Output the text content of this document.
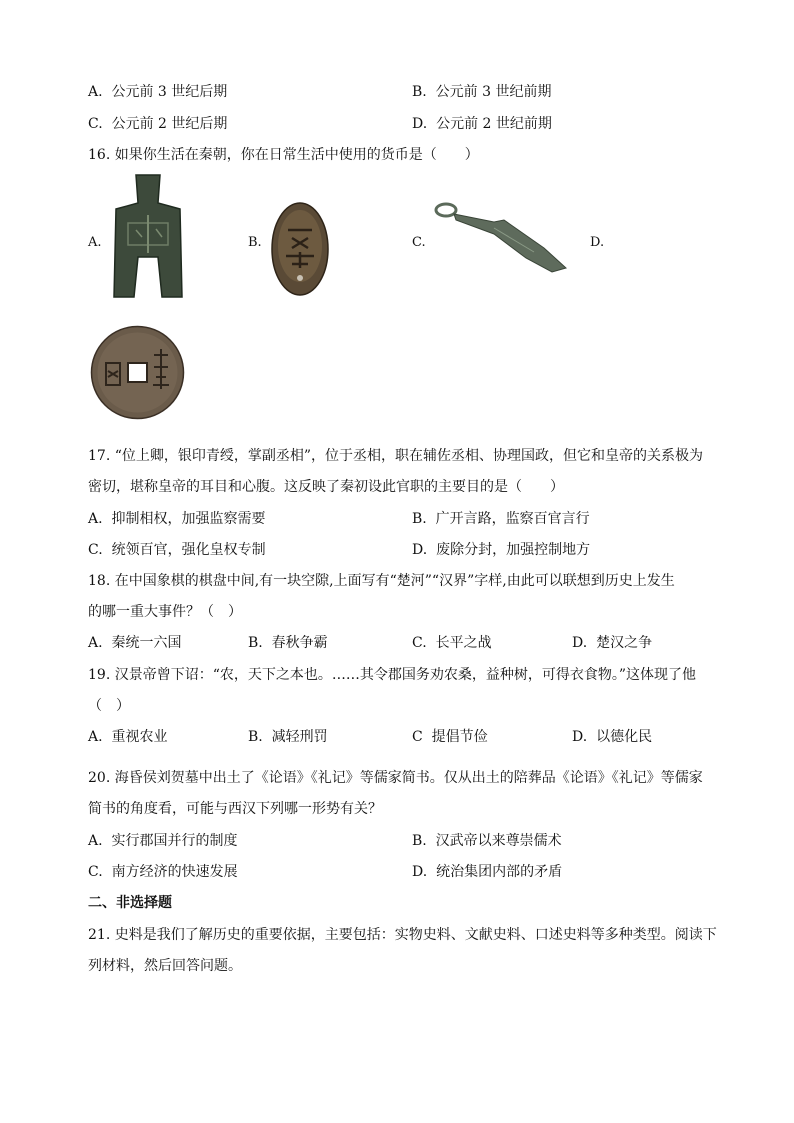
A. 公元前 3 世纪后期	B. 公元前 3 世纪前期
C. 公元前 2 世纪后期	D. 公元前 2 世纪前期
16. 如果你生活在秦朝，你在日常生活中使用的货币是（　　）
A.	B.	C.	D.
17. “位上卿，银印青绶，掌副丞相”，位于丞相，职在辅佐丞相、协理国政，但它和皇帝的关系极为
密切，堪称皇帝的耳目和心腹。这反映了秦初设此官职的主要目的是（　　）
A. 抑制相权，加强监察需要	B. 广开言路，监察百官言行
C. 统领百官，强化皇权专制	D. 废除分封，加强控制地方
18. 在中国象棋的棋盘中间,有一块空隙,上面写有“楚河”“汉界”字样,由此可以联想到历史上发生
的哪一重大事件？（　）
A. 秦统一六国	B. 春秋争霸	C. 长平之战	D. 楚汉之争
19. 汉景帝曾下诏：“农，天下之本也。……其令郡国务劝农桑，益种树，可得衣食物。”这体现了他
（　）
A. 重视农业	B. 减轻刑罚	C 提倡节俭	D. 以德化民
20. 海昏侯刘贺墓中出土了《论语》《礼记》等儒家简书。仅从出土的陪葬品《论语》《礼记》等儒家
简书的角度看，可能与西汉下列哪一形势有关？
A. 实行郡国并行的制度	B. 汉武帝以来尊崇儒术
C. 南方经济的快速发展	D. 统治集团内部的矛盾
二、非选择题
21. 史料是我们了解历史的重要依据，主要包括：实物史料、文献史料、口述史料等多种类型。阅读下
列材料，然后回答问题。
